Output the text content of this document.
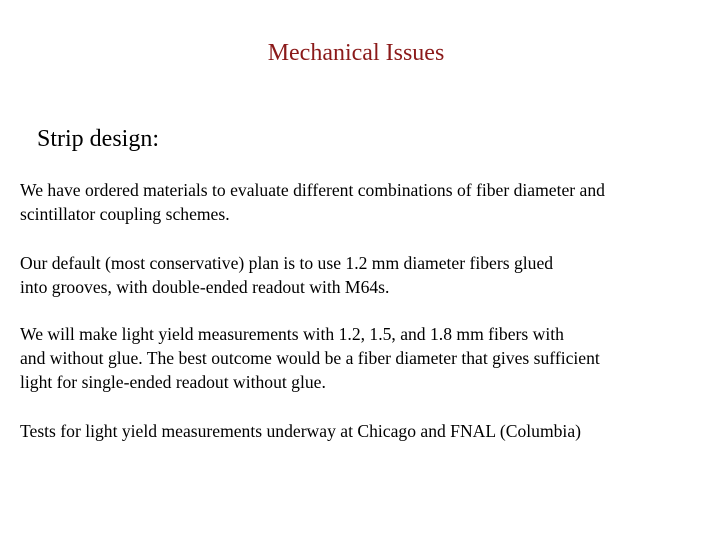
Mechanical Issues
Strip design:

We have ordered materials to evaluate different combinations of fiber diameter and
scintillator coupling schemes.

Our default (most conservative) plan is to use 1.2 mm diameter fibers glued
into grooves, with double-ended readout with M64s.

We will make light yield measurements with 1.2, 1.5, and 1.8 mm fibers with
and without glue. The best outcome would be a fiber diameter that gives sufficient
light for single-ended readout without glue.

Tests for light yield measurements underway at Chicago and FNAL (Columbia)
